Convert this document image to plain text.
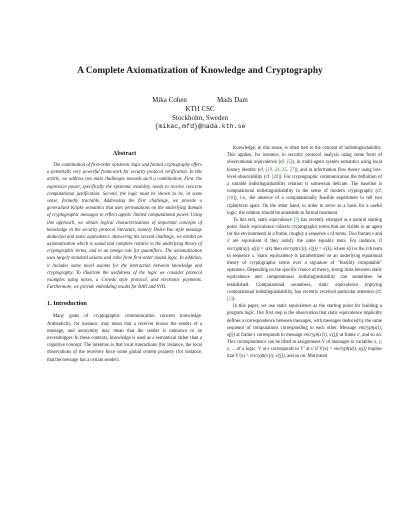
A Complete Axiomatization of Knowledge and Cryptography
Mika Cohen	Mads Dam
KTH CSC
Stockholm, Sweden
{mikac,mfd}@nada.kth.se
Abstract
The combination of first-order epistemic logic and formal cryptography offers a potentially very powerful framework for security protocol verification. In this article, we address two main challenges towards such a combination; First, the expressive power, specifically the epistemic modality, needs to receive concrete computational justification. Second, the logic must be shown to be, in some sense, formally tractable. Addressing the first challenge, we provide a generalized Kripke semantics that uses permutations on the underlying domain of cryptographic messages to reflect agents' limited computational power. Using this approach, we obtain logical characterizations of important concepts of knowledge in the security protocol literature, namely Dolev-Yao style message deduction and static equivalence. Answering the second challenge, we exhibit an axiomatization which is sound and complete relative to the underlying theory of cryptographic terms, and to an omega rule for quantifiers. The axiomatization uses largely standard axioms and rules from first-order modal logic. In addition, it includes some novel axioms for the interaction between knowledge and cryptography. To illustrate the usefulness of the logic we consider protocol examples using mixes, a Crowds style protocol, and electronic payments. Furthermore, we provide embedding results for BAN and SVO.
1. Introduction
Many goals of cryptographic communication concern knowledge. Authenticity, for instance, may mean that a receiver knows the sender of a message, and anonymity may mean that the sender is unknown to an eavesdropper. In these contexts, knowledge is used as a semantical rather than a cognitive concept: The intention is that local interactions (for instance, the local observations of the receiver) force some global system property (for instance, that the message has a certain sender).
Knowledge, in this sense, is often tied to the concept of indistinguishability. This applies, for instance, in security protocol analysis using some form of observational equivalence (cf. [5]), in multi-agent system semantics using local history identity (cf. [19, 24, 25, 27]), and in information flow theory using low-level observability (cf. [28]). For cryptographic communication the definition of a suitable indistinguishability relation is somewhat delicate. The baseline is computational indistinguishability in the sense of modern cryptography (cf. [18]), i.e., the absence of a computationally feasible experiment to tell two ciphertexts apart. On the other hand, in order to serve as a basis for a useful logic, the relation should be amenable to formal treatment.
To this end, static equivalence [3] has recently emerged as a natural starting point. Static equivalence collects cryptographic terms that are visible to an agent (or the environment) in a frame, roughly a sequence s of terms. Two frames s and s' are equivalent if they satisfy the same equality tests. For instance, if encrypt(s(i), s(j)) = s(k) then encrypt(s'(i), s'(j)) = s'(k), where s(i) is the i:th term in sequence s. Static equivalence is parametrized on an underlying equational theory of cryptographic terms over a signature of "feasibly computable" operators. Depending on the specific choice of theory, strong links between static equivalence and computational indistinguishability can sometimes be established. Computational soundness, static equivalence implying computational indistinguishability, has recently received particular attention (cf. [1]).
In this paper, we use static equivalence as the starting point for building a program logic. Our first step is the observation that static equivalence implicitly defines a correspondence between messages, with messages deduced by the same sequence of computations corresponding to each other. Message encrypt(s(i), s(j)) at frame s corresponds to message encrypt(s'(i), s'(j)) at frame s', and so on. This correspondence can be lifted to assignments V of messages to variables x, y, z, ... of a logic: V at s corresponds to V' at s' if V(x) = encrypt(s(i), s(j)) implies that V'(x) = encrypt(s'(i), s'(j)), and so on. Motivated
